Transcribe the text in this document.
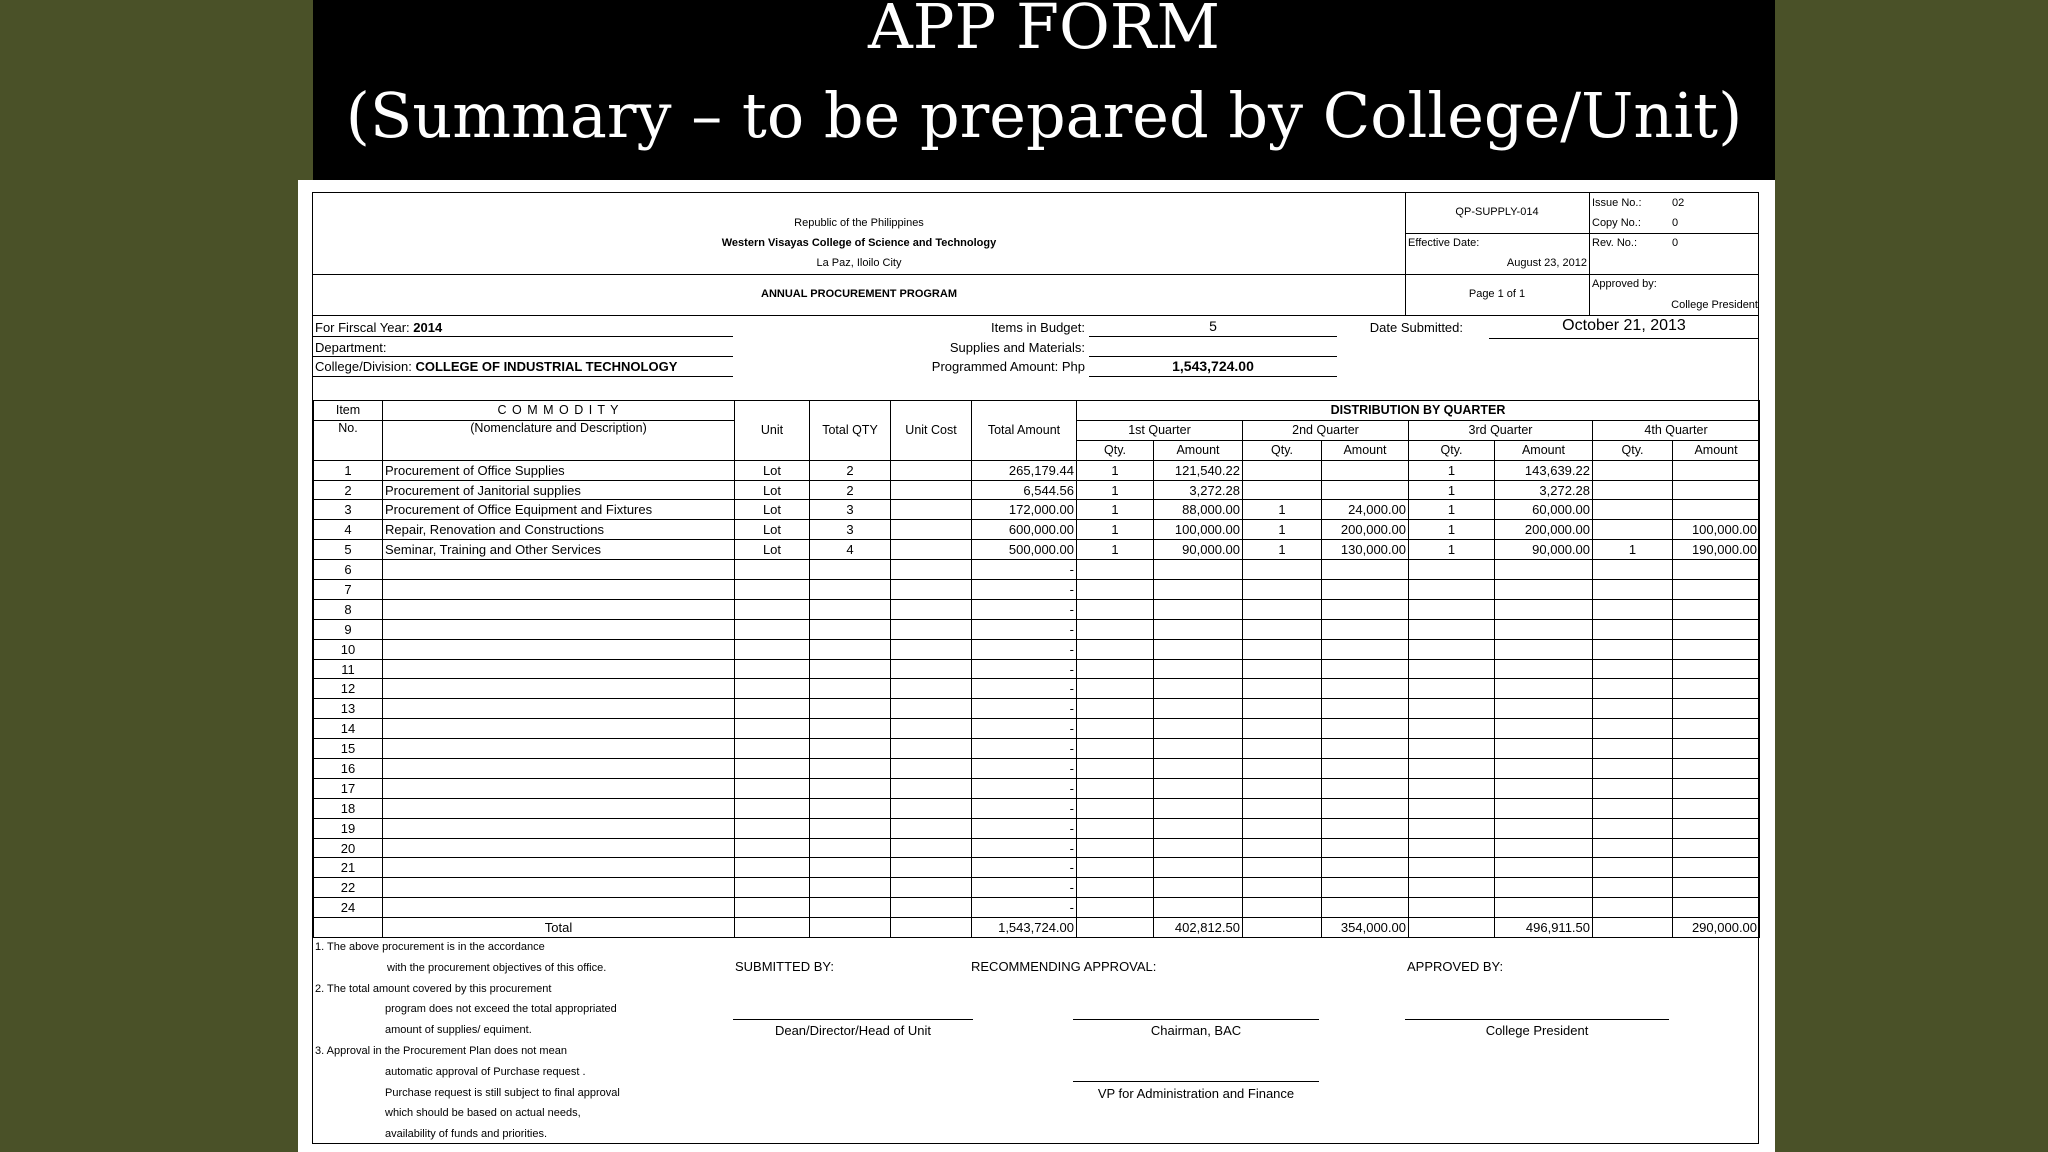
APP FORM
(Summary – to be prepared by College/Unit)
Republic of the Philippines
Western Visayas College of Science and Technology
La Paz, Iloilo City
ANNUAL PROCUREMENT PROGRAM
QP-SUPPLY-014
Effective Date:
August 23, 2012
Page 1 of 1
Issue No.:	02
Copy No.:	0
Rev. No.:	0
Approved by:
College President
For Firscal Year: 2014
Department:
College/Division: COLLEGE OF INDUSTRIAL TECHNOLOGY
Items in Budget:	5
Supplies and Materials:
Programmed Amount: Php	1,543,724.00
Date Submitted:	October 21, 2013
Item	C O M M O D I T Y	Unit	Total QTY	Unit Cost	Total Amount	DISTRIBUTION BY QUARTER							
No.	(Nomenclature and Description)					1st Quarter		2nd Quarter		3rd Quarter		4th Quarter	
						Qty.	Amount	Qty.	Amount	Qty.	Amount	Qty.	Amount
1	Procurement of Office Supplies	Lot	2		265,179.44	1	121,540.22			1	143,639.22		
2	Procurement of Janitorial supplies	Lot	2		6,544.56	1	3,272.28			1	3,272.28		
3	Procurement of Office Equipment and Fixtures	Lot	3		172,000.00	1	88,000.00	1	24,000.00	1	60,000.00		
4	Repair, Renovation and Constructions	Lot	3		600,000.00	1	100,000.00	1	200,000.00	1	200,000.00		100,000.00
5	Seminar, Training and Other Services	Lot	4		500,000.00	1	90,000.00	1	130,000.00	1	90,000.00	1	190,000.00
6					-								
7					-								
8					-								
9					-								
10					-								
11					-								
12					-								
13					-								
14					-								
15					-								
16					-								
17					-								
18					-								
19					-								
20					-								
21					-								
22					-								
24					-								
	Total				1,543,724.00		402,812.50		354,000.00		496,911.50		290,000.00
1. The above procurement is in the accordance
with the procurement objectives of this office.
2. The total amount covered by this procurement
program does not exceed the total appropriated
amount of supplies/ equiment.
3. Approval in the Procurement Plan does not mean
automatic approval of Purchase request .
Purchase request is still subject to final approval
which should be based on actual needs,
availability of funds and priorities.
SUBMITTED BY:	RECOMMENDING APPROVAL:	APPROVED BY:
Dean/Director/Head of Unit	Chairman, BAC	College President
VP for Administration and Finance
